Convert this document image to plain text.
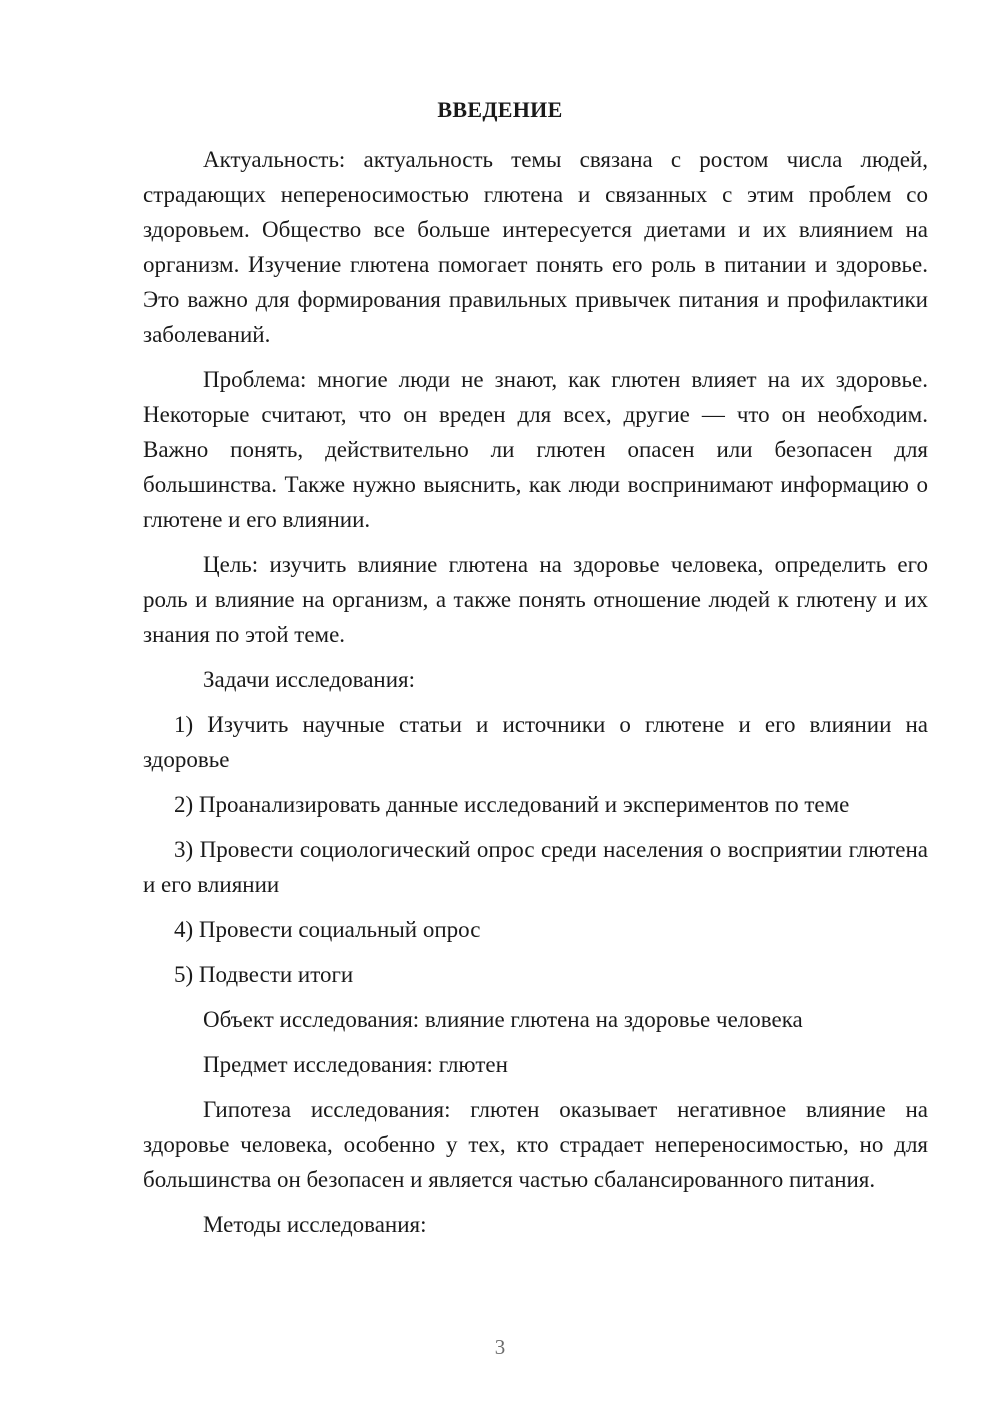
ВВЕДЕНИЕ

Актуальность: актуальность темы связана с ростом числа людей, страдающих непереносимостью глютена и связанных с этим проблем со здоровьем. Общество все больше интересуется диетами и их влиянием на организм. Изучение глютена помогает понять его роль в питании и здоровье. Это важно для формирования правильных привычек питания и профилактики заболеваний.

Проблема: многие люди не знают, как глютен влияет на их здоровье. Некоторые считают, что он вреден для всех, другие — что он необходим. Важно понять, действительно ли глютен опасен или безопасен для большинства. Также нужно выяснить, как люди воспринимают информацию о глютене и его влиянии.

Цель: изучить влияние глютена на здоровье человека, определить его роль и влияние на организм, а также понять отношение людей к глютену и их знания по этой теме.

Задачи исследования:

1) Изучить научные статьи и источники о глютене и его влиянии на здоровье

2) Проанализировать данные исследований и экспериментов по теме

3) Провести социологический опрос среди населения о восприятии глютена и его влиянии

4) Провести социальный опрос

5) Подвести итоги

Объект исследования: влияние глютена на здоровье человека

Предмет исследования: глютен

Гипотеза исследования: глютен оказывает негативное влияние на здоровье человека, особенно у тех, кто страдает непереносимостью, но для большинства он безопасен и является частью сбалансированного питания.

Методы исследования:

3
